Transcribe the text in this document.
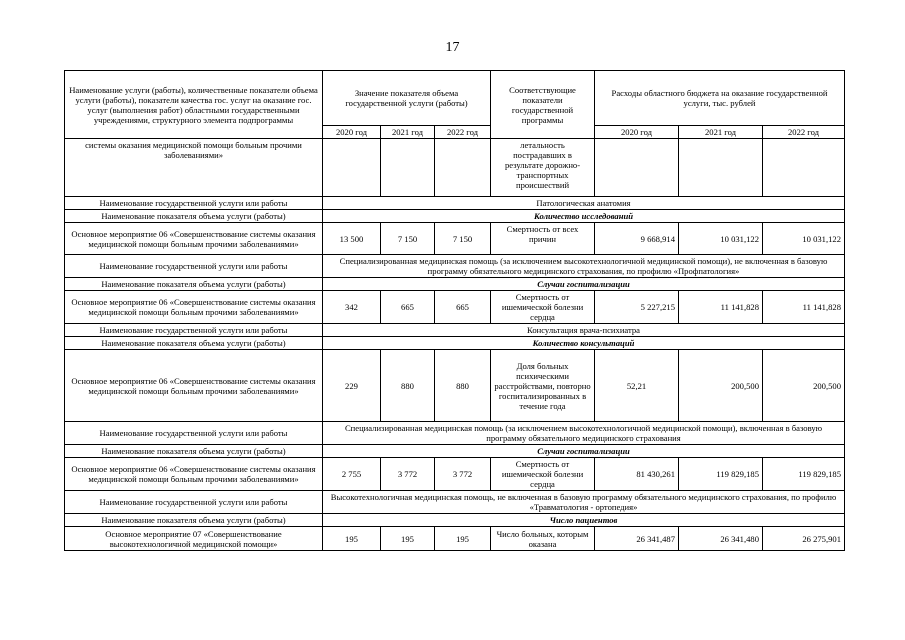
17
Наименование услуги (работы), количественные показатели объема услуги (работы), показатели качества гос. услуг на оказание гос. услуг (выполнения работ) областными государственными учреждениями, структурного элемента подпрограммы	Значение показателя объема государственной услуги (работы)			Соответствующие показатели государственной программы	Расходы областного бюджета на оказание государственной услуги, тыс. рублей		
	2020 год	2021 год	2022 год		2020 год	2021 год	2022 год
системы оказания медицинской помощи больным прочими заболеваниями»				летальность пострадавших в результате дорожно-транспортных происшествий			
Наименование государственной услуги или работы	Патологическая анатомия						
Наименование показателя объема услуги (работы)	Количество исследований						
Основное мероприятие 06 «Совершенствование системы оказания медицинской помощи больным прочими заболеваниями»	13 500	7 150	7 150	Смертность от всех причин	9 668,914	10 031,122	10 031,122
Наименование государственной услуги или работы	Специализированная медицинская помощь (за исключением высокотехнологичной медицинской помощи), не включенная в базовую программу обязательного медицинского страхования, по профилю «Профпатология»						
Наименование показателя объема услуги (работы)	Случаи госпитализации						
Основное мероприятие 06 «Совершенствование системы оказания медицинской помощи больным прочими заболеваниями»	342	665	665	Смертность от ишемической болезни сердца	5 227,215	11 141,828	11 141,828
Наименование государственной услуги или работы	Консультация врача-психиатра						
Наименование показателя объема услуги (работы)	Количество консультаций						
Основное мероприятие 06 «Совершенствование системы оказания медицинской помощи больным прочими заболеваниями»	229	880	880	Доля больных психическими расстройствами, повторно госпитализированных в течение года	52,21	200,500	200,500
Наименование государственной услуги или работы	Специализированная медицинская помощь (за исключением высокотехнологичной медицинской помощи), включенная в базовую программу обязательного медицинского страхования						
Наименование показателя объема услуги (работы)	Случаи госпитализации						
Основное мероприятие 06 «Совершенствование системы оказания медицинской помощи больным прочими заболеваниями»	2 755	3 772	3 772	Смертность от ишемической болезни сердца	81 430,261	119 829,185	119 829,185
Наименование государственной услуги или работы	Высокотехнологичная медицинская помощь, не включенная в базовую программу обязательного медицинского страхования, по профилю «Травматология - ортопедия»						
Наименование показателя объема услуги (работы)	Число пациентов						
Основное мероприятие 07 «Совершенствование высокотехнологичной медицинской помощи»	195	195	195	Число больных, которым оказана	26 341,487	26 341,480	26 275,901
